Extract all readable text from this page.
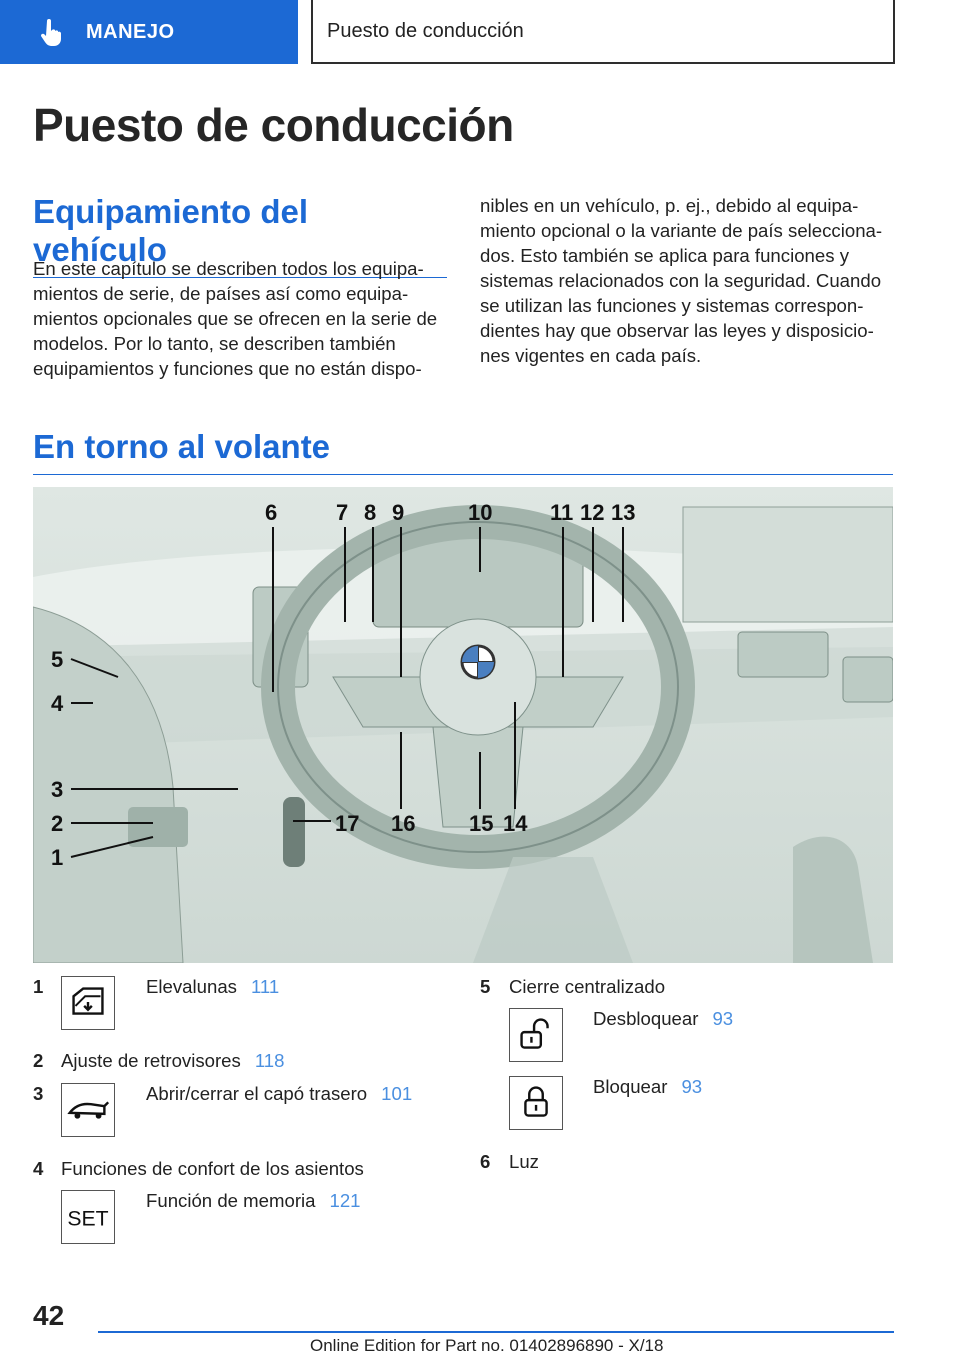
MANEJO	Puesto de conducción
Puesto de conducción
Equipamiento del vehículo

En este capítulo se describen todos los equipa-
mientos de serie, de países así como equipa-
mientos opcionales que se ofrecen en la serie de
modelos. Por lo tanto, se describen también
equipamientos y funciones que no están dispo-

nibles en un vehículo, p. ej., debido al equipa-
miento opcional o la variante de país selecciona-
dos. Esto también se aplica para funciones y
sistemas relacionados con la seguridad. Cuando
se utilizan las funciones y sistemas correspon-
dientes hay que observar las leyes y disposicio-
nes vigentes en cada país.

En torno al volante
6	7 8 9	10	11 12 13
5
4
3
2
1
17 16 15 14
1	Elevalunas 111
2 Ajuste de retrovisores 118
3	Abrir/cerrar el capó trasero 101
4 Funciones de confort de los asientos
SET
Función de memoria 121
5 Cierre centralizado
Desbloquear 93
Bloquear 93
6 Luz
42
Online Edition for Part no. 01402896890 - X/18
